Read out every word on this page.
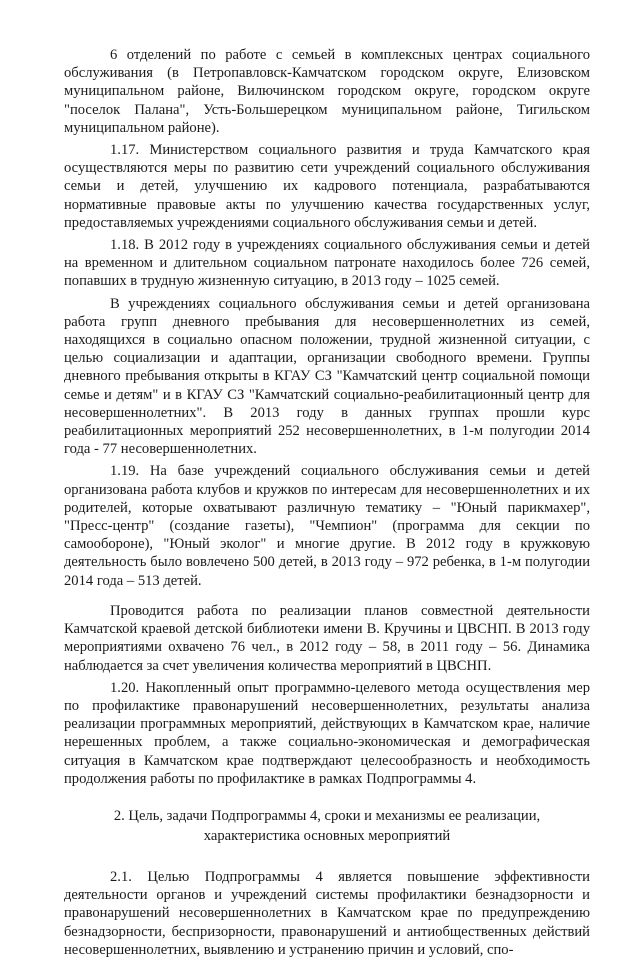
6 отделений по работе с семьей в комплексных центрах социального обслуживания (в Петропавловск-Камчатском городском округе, Елизовском муниципальном районе, Вилючинском городском округе, городском округе "поселок Палана", Усть-Большерецком муниципальном районе, Тигильском муниципальном районе).

1.17. Министерством социального развития и труда Камчатского края осуществляются меры по развитию сети учреждений социального обслуживания семьи и детей, улучшению их кадрового потенциала, разрабатываются нормативные правовые акты по улучшению качества государственных услуг, предоставляемых учреждениями социального обслуживания семьи и детей.

1.18. В 2012 году в учреждениях социального обслуживания семьи и детей на временном и длительном социальном патронате находилось более 726 семей, попавших в трудную жизненную ситуацию, в 2013 году – 1025 семей.

В учреждениях социального обслуживания семьи и детей организована работа групп дневного пребывания для несовершеннолетних из семей, находящихся в социально опасном положении, трудной жизненной ситуации, с целью социализации и адаптации, организации свободного времени. Группы дневного пребывания открыты в КГАУ СЗ "Камчатский центр социальной помощи семье и детям" и в КГАУ СЗ "Камчатский социально-реабилитационный центр для несовершеннолетних". В 2013 году в данных группах прошли курс реабилитационных мероприятий 252 несовершеннолетних, в 1-м полугодии 2014 года - 77 несовершеннолетних.

1.19. На базе учреждений социального обслуживания семьи и детей организована работа клубов и кружков по интересам для несовершеннолетних и их родителей, которые охватывают различную тематику – "Юный парикмахер", "Пресс-центр" (создание газеты), "Чемпион" (программа для секции по самообороне), "Юный эколог" и многие другие. В 2012 году в кружковую деятельность было вовлечено 500 детей, в 2013 году – 972 ребенка, в 1-м полугодии 2014 года – 513 детей.

Проводится работа по реализации планов совместной деятельности Камчатской краевой детской библиотеки имени В. Кручины и ЦВСНП. В 2013 году мероприятиями охвачено 76 чел., в 2012 году – 58, в 2011 году – 56. Динамика наблюдается за счет увеличения количества мероприятий в ЦВСНП.

1.20. Накопленный опыт программно-целевого метода осуществления мер по профилактике правонарушений несовершеннолетних, результаты анализа реализации программных мероприятий, действующих в Камчатском крае, наличие нерешенных проблем, а также социально-экономическая и демографическая ситуация в Камчатском крае подтверждают целесообразность и необходимость продолжения работы по профилактике в рамках Подпрограммы 4.

2. Цель, задачи Подпрограммы 4, сроки и механизмы ее реализации,
характеристика основных мероприятий

2.1. Целью Подпрограммы 4 является повышение эффективности деятельности органов и учреждений системы профилактики безнадзорности и правонарушений несовершеннолетних в Камчатском крае по предупреждению безнадзорности, беспризорности, правонарушений и антиобщественных действий несовершеннолетних, выявлению и устранению причин и условий, спо-
